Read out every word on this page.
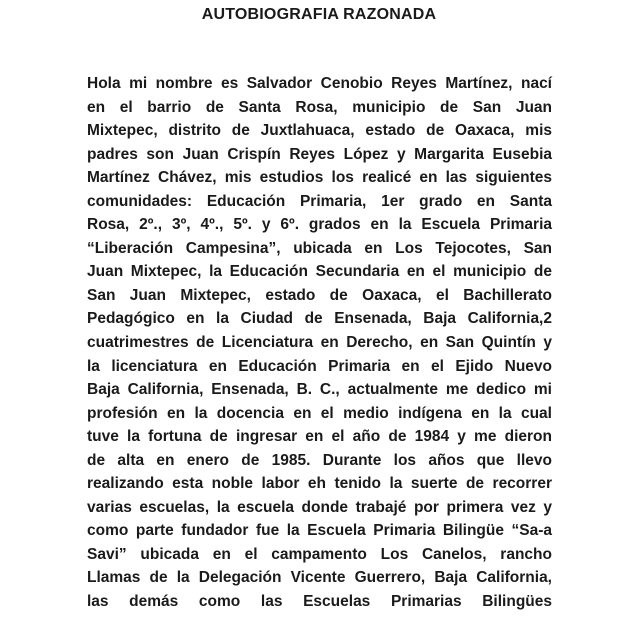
AUTOBIOGRAFIA RAZONADA
Hola mi nombre es Salvador Cenobio Reyes Martínez, nací
en el barrio de Santa Rosa, municipio de San Juan
Mixtepec, distrito de Juxtlahuaca, estado de Oaxaca, mis
padres son Juan Crispín Reyes López y Margarita Eusebia
Martínez Chávez, mis estudios los realicé en las siguientes
comunidades: Educación Primaria, 1er grado en Santa
Rosa, 2º., 3º, 4º., 5º. y 6º. grados en la Escuela Primaria
“Liberación Campesina”, ubicada en Los Tejocotes, San
Juan Mixtepec, la Educación Secundaria en el municipio de
San Juan Mixtepec, estado de Oaxaca, el Bachillerato
Pedagógico en la Ciudad de Ensenada, Baja California,2
cuatrimestres de Licenciatura en Derecho, en San Quintín y
la licenciatura en Educación Primaria en el Ejido Nuevo
Baja California, Ensenada, B. C., actualmente me dedico mi
profesión en la docencia en el medio indígena en la cual
tuve la fortuna de ingresar en el año de 1984 y me dieron
de alta en enero de 1985. Durante los años que llevo
realizando esta noble labor eh tenido la suerte de recorrer
varias escuelas, la escuela donde trabajé por primera vez y
como parte fundador fue la Escuela Primaria Bilingüe “Sa-a
Savi” ubicada en el campamento Los Canelos, rancho
Llamas de la Delegación Vicente Guerrero, Baja California,
las demás como las Escuelas Primarias Bilingües
